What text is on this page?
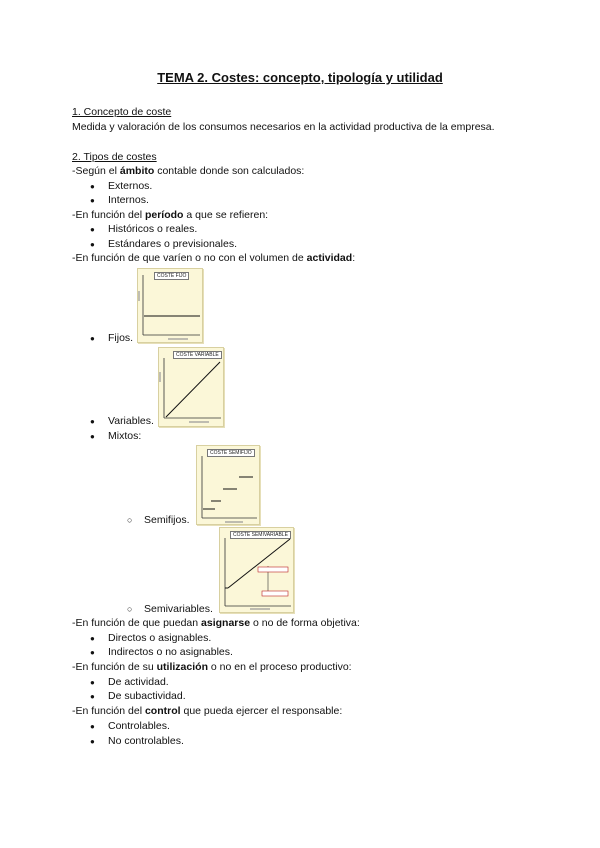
TEMA 2. Costes: concepto, tipología y utilidad
1. Concepto de coste
Medida y valoración de los consumos necesarios en la actividad productiva de la empresa.
2. Tipos de costes
-Según el ámbito contable donde son calculados:
● Externos.
● Internos.
-En función del período a que se refieren:
● Históricos o reales.
● Estándares o previsionales.
-En función de que varíen o no con el volumen de actividad:
COSTE FIJO
● Fijos.
COSTE VARIABLE
● Variables.
● Mixtos:
COSTE SEMIFIJO
○ Semifijos.
COSTE SEMIVARIABLE
○ Semivariables.
-En función de que puedan asignarse o no de forma objetiva:
● Directos o asignables.
● Indirectos o no asignables.
-En función de su utilización o no en el proceso productivo:
● De actividad.
● De subactividad.
-En función del control que pueda ejercer el responsable:
● Controlables.
● No controlables.
